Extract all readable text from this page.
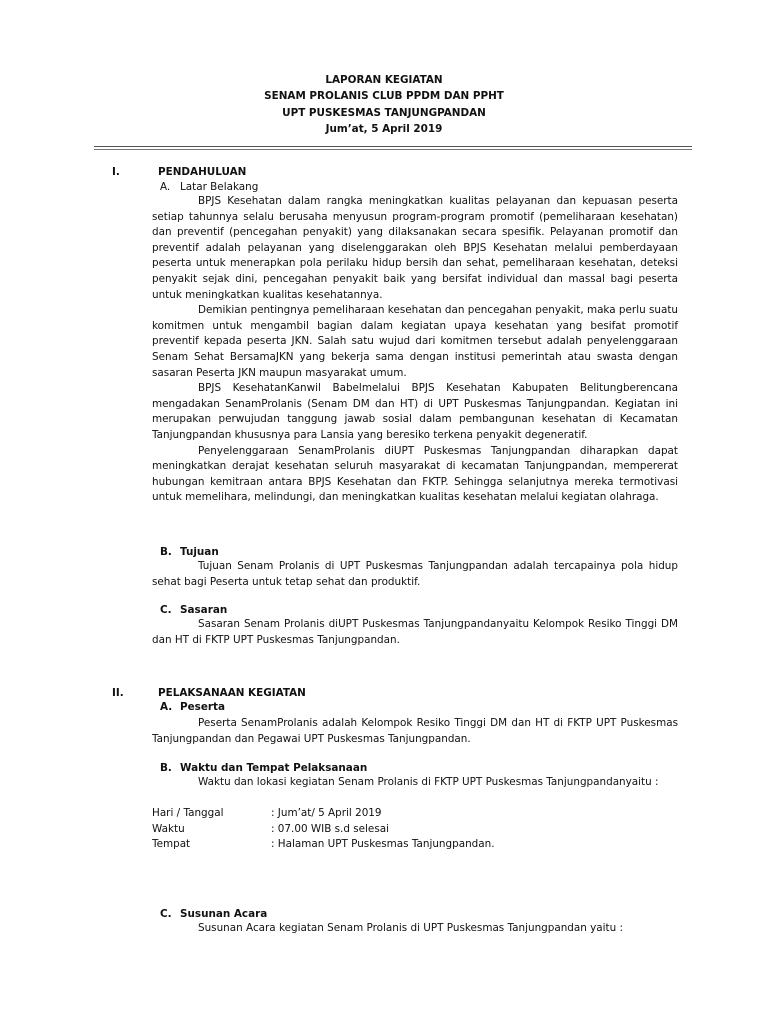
LAPORAN KEGIATAN
SENAM PROLANIS CLUB PPDM DAN PPHT
UPT PUSKESMAS TANJUNGPANDAN
Jum’at, 5 April 2019
I.	PENDAHULUAN
A. Latar Belakang

BPJS Kesehatan dalam rangka meningkatkan kualitas pelayanan dan kepuasan peserta setiap tahunnya selalu berusaha menyusun program-program promotif (pemeliharaan kesehatan) dan preventif (pencegahan penyakit) yang dilaksanakan secara spesifik. Pelayanan promotif dan preventif adalah pelayanan yang diselenggarakan oleh BPJS Kesehatan melalui pemberdayaan peserta untuk menerapkan pola perilaku hidup bersih dan sehat, pemeliharaan kesehatan, deteksi penyakit sejak dini, pencegahan penyakit baik yang bersifat individual dan massal bagi peserta untuk meningkatkan kualitas kesehatannya.

Demikian pentingnya pemeliharaan kesehatan dan pencegahan penyakit, maka perlu suatu komitmen untuk mengambil bagian dalam kegiatan upaya kesehatan yang besifat promotif preventif kepada peserta JKN. Salah satu wujud dari komitmen tersebut adalah penyelenggaraan Senam Sehat BersamaJKN yang bekerja sama dengan institusi pemerintah atau swasta dengan sasaran Peserta JKN maupun masyarakat umum.

BPJS KesehatanKanwil Babelmelalui BPJS Kesehatan Kabupaten Belitungberencana mengadakan SenamProlanis (Senam DM dan HT) di UPT Puskesmas Tanjungpandan. Kegiatan ini merupakan perwujudan tanggung jawab sosial dalam pembangunan kesehatan di Kecamatan Tanjungpandan khususnya para Lansia yang beresiko terkena penyakit degeneratif.

Penyelenggaraan SenamProlanis diUPT Puskesmas Tanjungpandan diharapkan dapat meningkatkan derajat kesehatan seluruh masyarakat di kecamatan Tanjungpandan, mempererat hubungan kemitraan antara BPJS Kesehatan dan FKTP. Sehingga selanjutnya mereka termotivasi untuk memelihara, melindungi, dan meningkatkan kualitas kesehatan melalui kegiatan olahraga.

B. Tujuan

Tujuan Senam Prolanis di UPT Puskesmas Tanjungpandan adalah tercapainya pola hidup sehat bagi Peserta untuk tetap sehat dan produktif.

C. Sasaran

Sasaran Senam Prolanis diUPT Puskesmas Tanjungpandanyaitu Kelompok Resiko Tinggi DM dan HT di FKTP UPT Puskesmas Tanjungpandan.

II.	PELAKSANAAN KEGIATAN
A. Peserta

Peserta SenamProlanis adalah Kelompok Resiko Tinggi DM dan HT di FKTP UPT Puskesmas Tanjungpandan dan Pegawai UPT Puskesmas Tanjungpandan.

B. Waktu dan Tempat Pelaksanaan

Waktu dan lokasi kegiatan Senam Prolanis di FKTP UPT Puskesmas Tanjungpandanyaitu :

Hari / Tanggal	: Jum’at/ 5 April 2019
Waktu	: 07.00 WIB s.d selesai
Tempat	: Halaman UPT Puskesmas Tanjungpandan.
C. Susunan Acara

Susunan Acara kegiatan Senam Prolanis di UPT Puskesmas Tanjungpandan yaitu :
